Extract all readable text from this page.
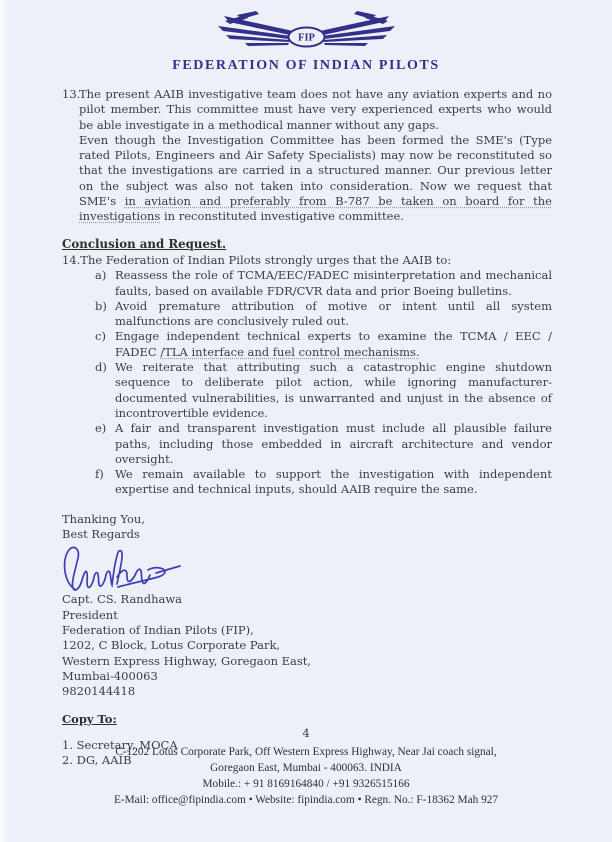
FIP
FEDERATION OF INDIAN PILOTS
13.
The present AAIB investigative team does not have any aviation experts and no pilot member. This committee must have very experienced experts who would be able investigate in a methodical manner without any gaps.
Even though the Investigation Committee has been formed the SME's (Type rated Pilots, Engineers and Air Safety Specialists) may now be reconstituted so that the investigations are carried in a structured manner. Our previous letter on the subject was also not taken into consideration. Now we request that SME's in aviation and preferably from B-787 be taken on board for the investigations in reconstituted investigative committee.
Conclusion and Request.
14.The Federation of Indian Pilots strongly urges that the AAIB to:
a) Reassess the role of TCMA/EEC/FADEC misinterpretation and mechanical faults, based on available FDR/CVR data and prior Boeing bulletins.
b) Avoid premature attribution of motive or intent until all system malfunctions are conclusively ruled out.
c) Engage independent technical experts to examine the TCMA / EEC / FADEC /TLA interface and fuel control mechanisms.
d) We reiterate that attributing such a catastrophic engine shutdown sequence to deliberate pilot action, while ignoring manufacturer-documented vulnerabilities, is unwarranted and unjust in the absence of incontrovertible evidence.
e) A fair and transparent investigation must include all plausible failure paths, including those embedded in aircraft architecture and vendor oversight.
f) We remain available to support the investigation with independent expertise and technical inputs, should AAIB require the same.
Thanking You,
Best Regards
Capt. CS. Randhawa
President
Federation of Indian Pilots (FIP),
1202, C Block, Lotus Corporate Park,
Western Express Highway, Goregaon East,
Mumbai-400063
9820144418
Copy To:
1. Secretary, MOCA
2. DG, AAIB
4
C-1202 Lotus Corporate Park, Off Western Express Highway, Near Jai coach signal,
Goregaon East, Mumbai - 400063. INDIA
Mobile.: + 91 8169164840 / +91 9326515166
E-Mail: office@fipindia.com • Website: fipindia.com • Regn. No.: F-18362 Mah 927
